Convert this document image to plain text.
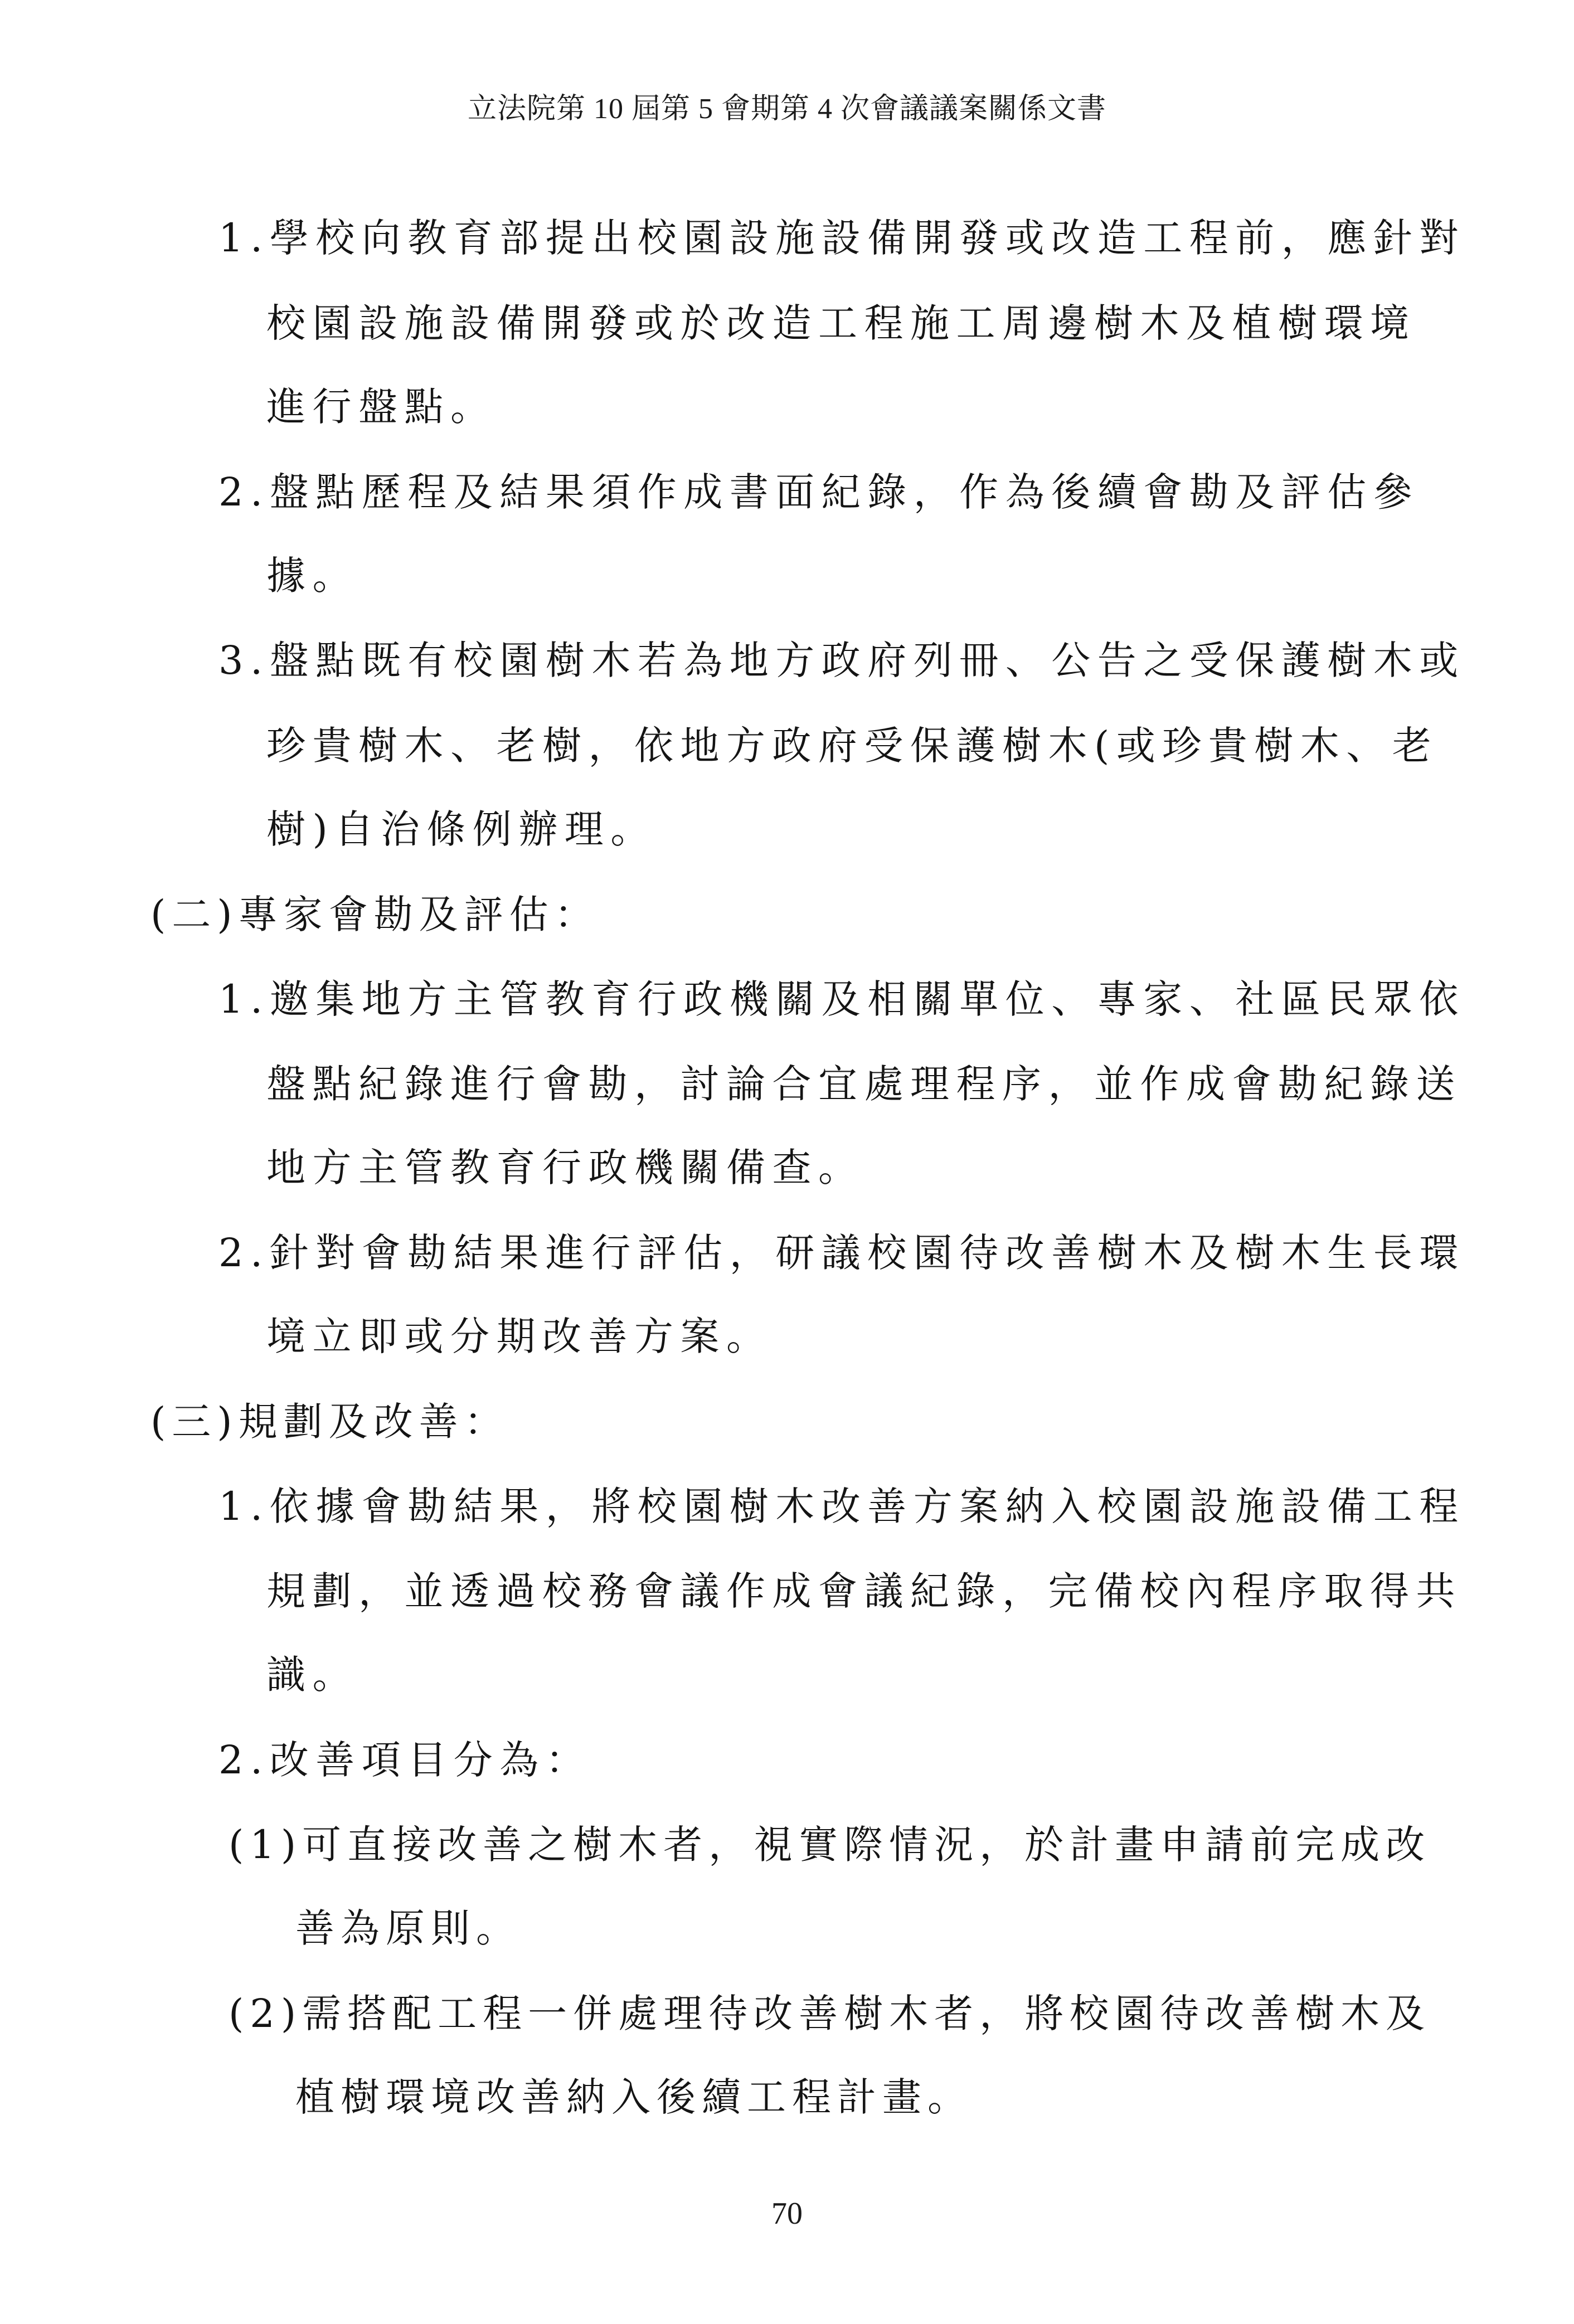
立法院第 10 屆第 5 會期第 4 次會議議案關係文書
1.學校向教育部提出校園設施設備開發或改造工程前，應針對
校園設施設備開發或於改造工程施工周邊樹木及植樹環境
進行盤點。
2.盤點歷程及結果須作成書面紀錄，作為後續會勘及評估參
據。
3.盤點既有校園樹木若為地方政府列冊、公告之受保護樹木或
珍貴樹木、老樹，依地方政府受保護樹木(或珍貴樹木、老
樹)自治條例辦理。
(二)專家會勘及評估：
1.邀集地方主管教育行政機關及相關單位、專家、社區民眾依
盤點紀錄進行會勘，討論合宜處理程序，並作成會勘紀錄送
地方主管教育行政機關備查。
2.針對會勘結果進行評估，研議校園待改善樹木及樹木生長環
境立即或分期改善方案。
(三)規劃及改善：
1.依據會勘結果，將校園樹木改善方案納入校園設施設備工程
規劃，並透過校務會議作成會議紀錄，完備校內程序取得共
識。
2.改善項目分為：
(1)可直接改善之樹木者，視實際情況，於計畫申請前完成改
善為原則。
(2)需搭配工程一併處理待改善樹木者，將校園待改善樹木及
植樹環境改善納入後續工程計畫。
70
